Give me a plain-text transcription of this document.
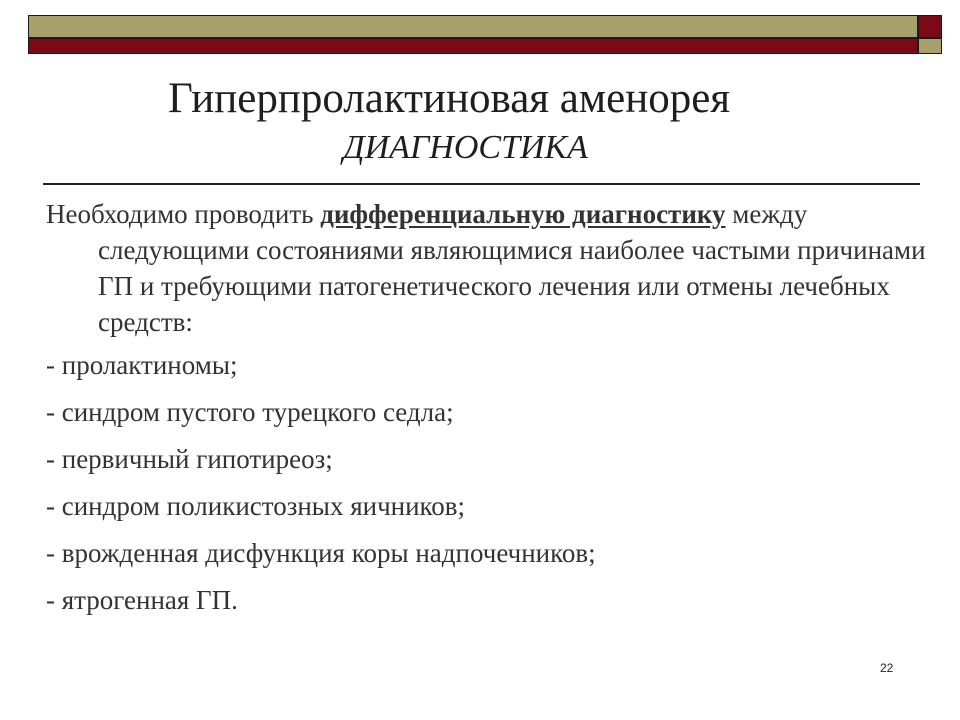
Гиперпролактиновая аменорея
ДИАГНОСТИКА

Необходимо проводить дифференциальную диагностику между следующими состояниями являющимися наиболее частыми причинами ГП и требующими патогенетического лечения или отмены лечебных средств:

- пролактиномы;
- синдром пустого турецкого седла;
- первичный гипотиреоз;
- синдром поликистозных яичников;
- врожденная дисфункция коры надпочечников;
- ятрогенная ГП.
22
